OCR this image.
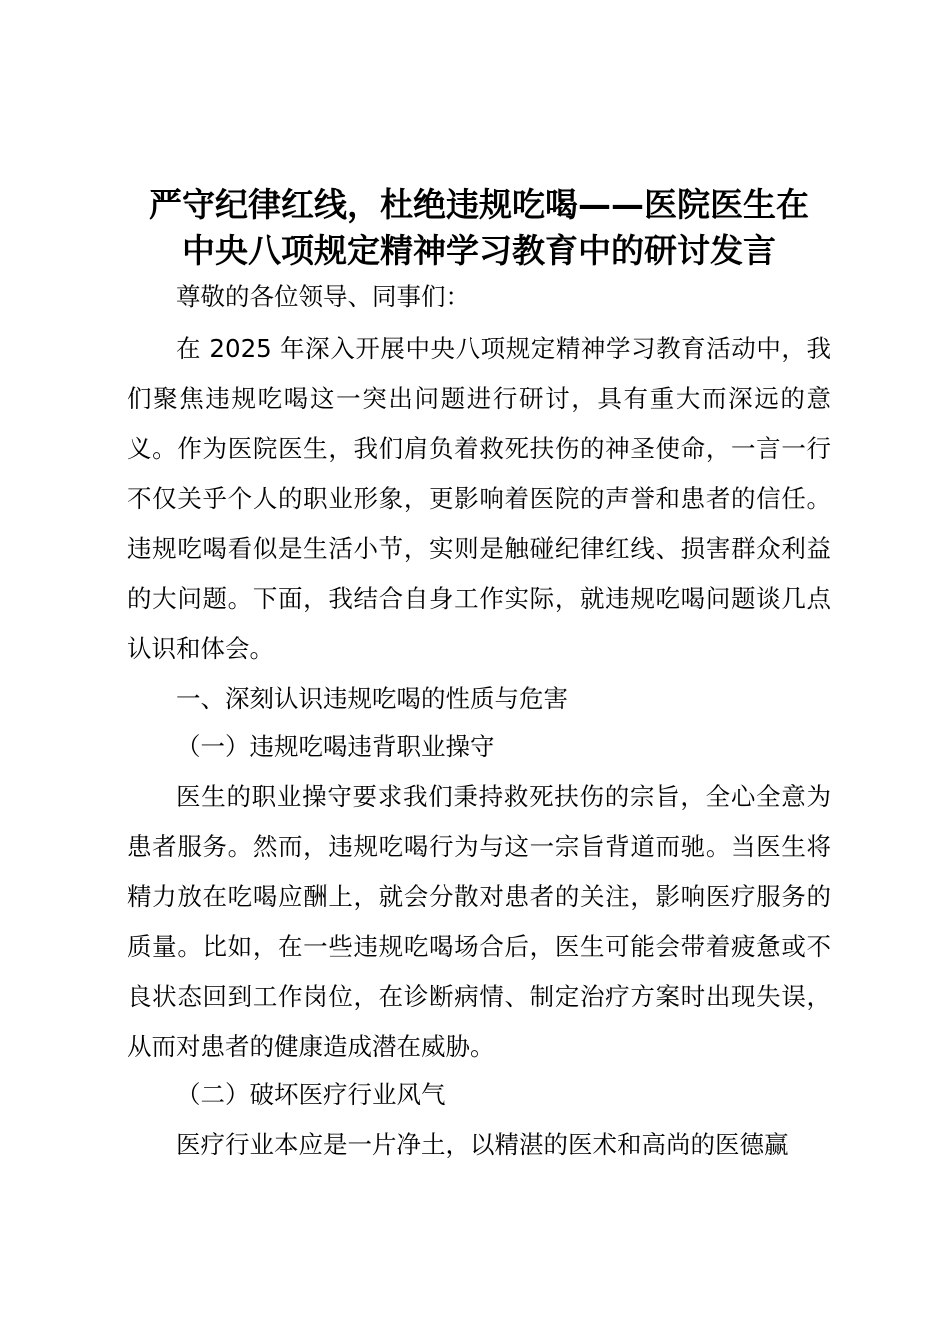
严守纪律红线，杜绝违规吃喝——医院医生在
中央八项规定精神学习教育中的研讨发言

尊敬的各位领导、同事们：

在 2025 年深入开展中央八项规定精神学习教育活动中，我们聚焦违规吃喝这一突出问题进行研讨，具有重大而深远的意义。作为医院医生，我们肩负着救死扶伤的神圣使命，一言一行不仅关乎个人的职业形象，更影响着医院的声誉和患者的信任。违规吃喝看似是生活小节，实则是触碰纪律红线、损害群众利益的大问题。下面，我结合自身工作实际，就违规吃喝问题谈几点认识和体会。

一、深刻认识违规吃喝的性质与危害
（一）违规吃喝违背职业操守

医生的职业操守要求我们秉持救死扶伤的宗旨，全心全意为患者服务。然而，违规吃喝行为与这一宗旨背道而驰。当医生将精力放在吃喝应酬上，就会分散对患者的关注，影响医疗服务的质量。比如，在一些违规吃喝场合后，医生可能会带着疲惫或不良状态回到工作岗位，在诊断病情、制定治疗方案时出现失误，从而对患者的健康造成潜在威胁。

（二）破坏医疗行业风气

医疗行业本应是一片净土，以精湛的医术和高尚的医德赢
